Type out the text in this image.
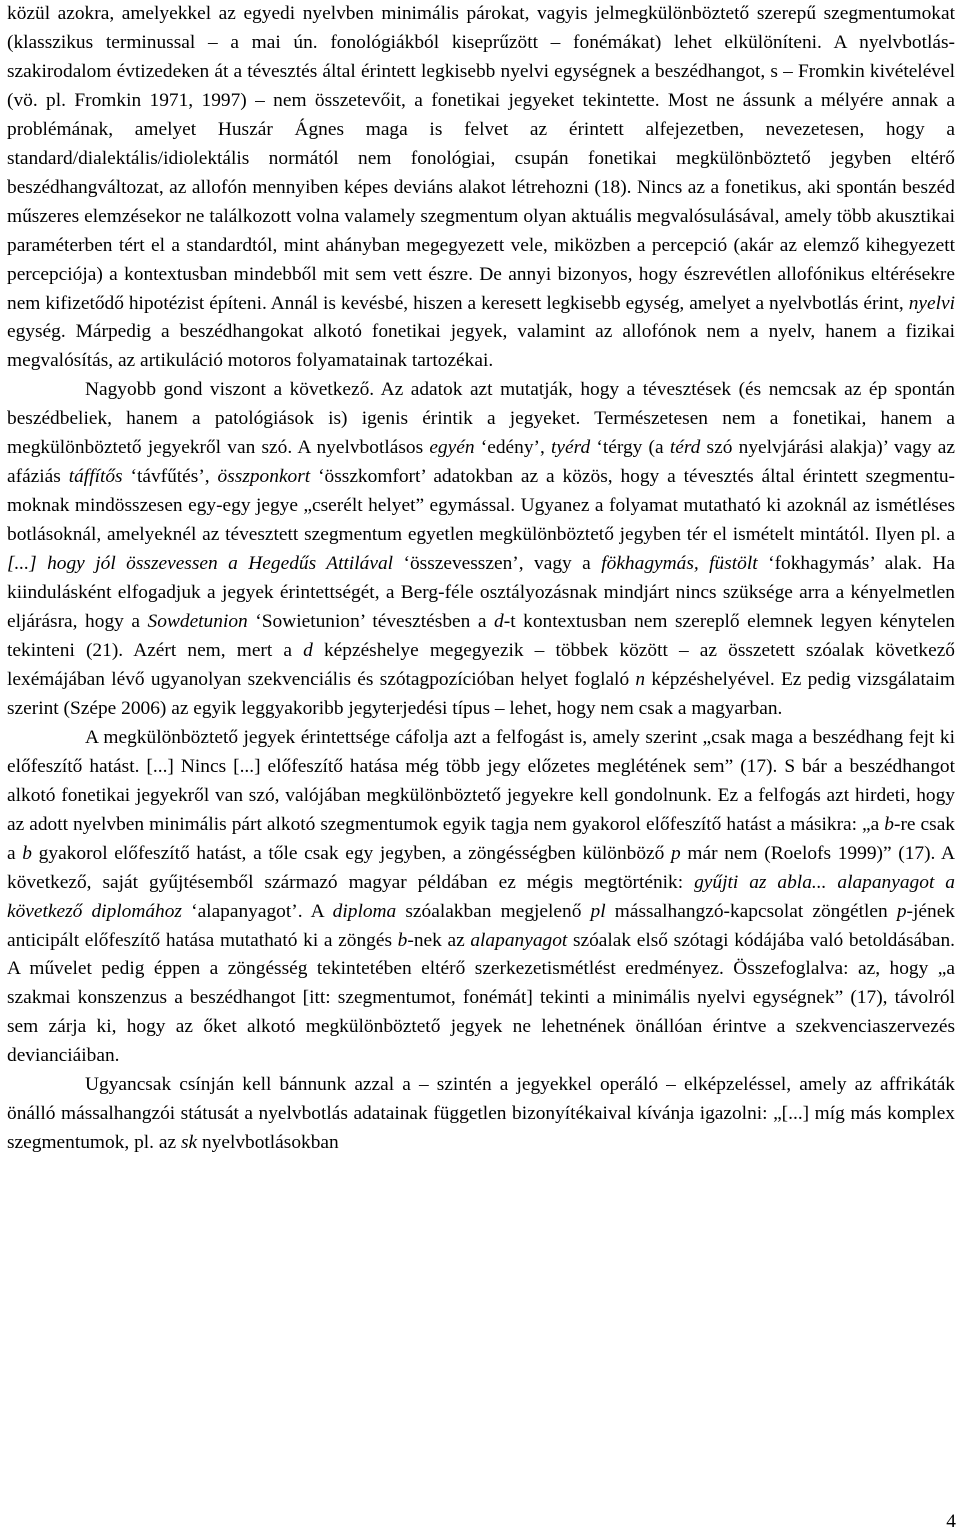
közül azokra, amelyekkel az egyedi nyelvben minimális párokat, vagyis jelmegkülönböztető szerepű szegmentumokat (klasszikus terminussal – a mai ún. fonológiákból kiseprűzött – fonémákat) lehet elkülöníteni. A nyelvbotlás-szakirodalom évtizedeken át a tévesztés által érintett legkisebb nyelvi egységnek a beszédhangot, s – Fromkin kivételével (vö. pl. Fromkin 1971, 1997) – nem összetevőit, a fonetikai jegyeket tekintette. Most ne ássunk a mélyére annak a problémának, amelyet Huszár Ágnes maga is felvet az érintett alfejezetben, nevezetesen, hogy a standard/dialektális/idiolektális normától nem fonológiai, csupán fonetikai megkülönböztető jegyben eltérő beszédhangváltozat, az allofón mennyiben képes deviáns alakot létrehozni (18). Nincs az a fonetikus, aki spontán beszéd műszeres elemzésekor ne találkozott volna valamely szegmentum olyan aktuális megvalósulásával, amely több akusztikai paraméterben tért el a standardtól, mint ahányban megegyezett vele, miközben a percepció (akár az elemző kihegyezett percepciója) a kontextusban mindebből mit sem vett észre. De annyi bizonyos, hogy észrevétlen allofónikus eltérésekre nem kifizetődő hipotézist építeni. Annál is kevésbé, hiszen a keresett legkisebb egység, amelyet a nyelvbotlás érint, nyelvi egység. Márpedig a beszédhangokat alkotó fonetikai jegyek, valamint az allofónok nem a nyelv, hanem a fizikai megvalósítás, az artikuláció motoros folyamatainak tartozékai.

Nagyobb gond viszont a következő. Az adatok azt mutatják, hogy a tévesztések (és nemcsak az ép spontán beszédbeliek, hanem a patológiások is) igenis érintik a jegyeket. Természetesen nem a fonetikai, hanem a megkülönböztető jegyekről van szó. A nyelvbotlásos egyén ‘edény’, tyérd ‘térgy (a térd szó nyelvjárási alakja)’ vagy az afáziás táffítős ‘távfűtés’, összponkort ‘összkomfort’ adatokban az a közös, hogy a tévesztés által érintett szegmentumoknak mindösszesen egy-egy jegye „cserélt helyet” egymással. Ugyanez a folyamat mutatható ki azoknál az ismétléses botlásoknál, amelyeknél az tévesztett szegmentum egyetlen megkülönböztető jegyben tér el ismételt mintától. Ilyen pl. a [...] hogy jól összevessen a Hegedűs Attilával ‘összevesszen’, vagy a fökhagymás, füstölt ‘fokhagymás’ alak. Ha kiindulásként elfogadjuk a jegyek érintettségét, a Berg-féle osztályozásnak mindjárt nincs szüksége arra a kényelmetlen eljárásra, hogy a Sowdetunion ‘Sowietunion’ tévesztésben a d-t kontextusban nem szereplő elemnek legyen kénytelen tekinteni (21). Azért nem, mert a d képzéshelye megegyezik – többek között – az összetett szóalak következő lexémájában lévő ugyanolyan szekvenciális és szótagpozícióban helyet foglaló n képzéshelyével. Ez pedig vizsgálataim szerint (Szépe 2006) az egyik leggyakoribb jegyterjedési típus – lehet, hogy nem csak a magyarban.

A megkülönböztető jegyek érintettsége cáfolja azt a felfogást is, amely szerint „csak maga a beszédhang fejt ki előfeszítő hatást. [...] Nincs [...] előfeszítő hatása még több jegy előzetes meglétének sem” (17). S bár a beszédhangot alkotó fonetikai jegyekről van szó, valójában megkülönböztető jegyekre kell gondolnunk. Ez a felfogás azt hirdeti, hogy az adott nyelvben minimális párt alkotó szegmentumok egyik tagja nem gyakorol előfeszítő hatást a másikra: „a b-re csak a b gyakorol előfeszítő hatást, a tőle csak egy jegyben, a zöngésségben különböző p már nem (Roelofs 1999)” (17). A következő, saját gyűjtésemből származó magyar példában ez mégis megtörténik: gyűjti az abla... alapanyagot a következő diplomához ‘alapanyagot’. A diploma szóalakban megjelenő pl mássalhangzó-kapcsolat zöngétlen p-jének anticipált előfeszítő hatása mutatható ki a zöngés b-nek az alapanyagot szóalak első szótagi kódájába való betoldásában. A művelet pedig éppen a zöngésség tekintetében eltérő szerkezetismétlést eredményez. Összefoglalva: az, hogy „a szakmai konszenzus a beszédhangot [itt: szegmentumot, fonémát] tekinti a minimális nyelvi egységnek” (17), távolról sem zárja ki, hogy az őket alkotó megkülönböztető jegyek ne lehetnének önállóan érintve a szekvenciaszervezés devianciáiban.

Ugyancsak csínján kell bánnunk azzal a – szintén a jegyekkel operáló – elképzeléssel, amely az affrikáták önálló mássalhangzói státusát a nyelvbotlás adatainak független bizonyítékaival kívánja igazolni: „[...] míg más komplex szegmentumok, pl. az sk nyelvbotlásokban

4
